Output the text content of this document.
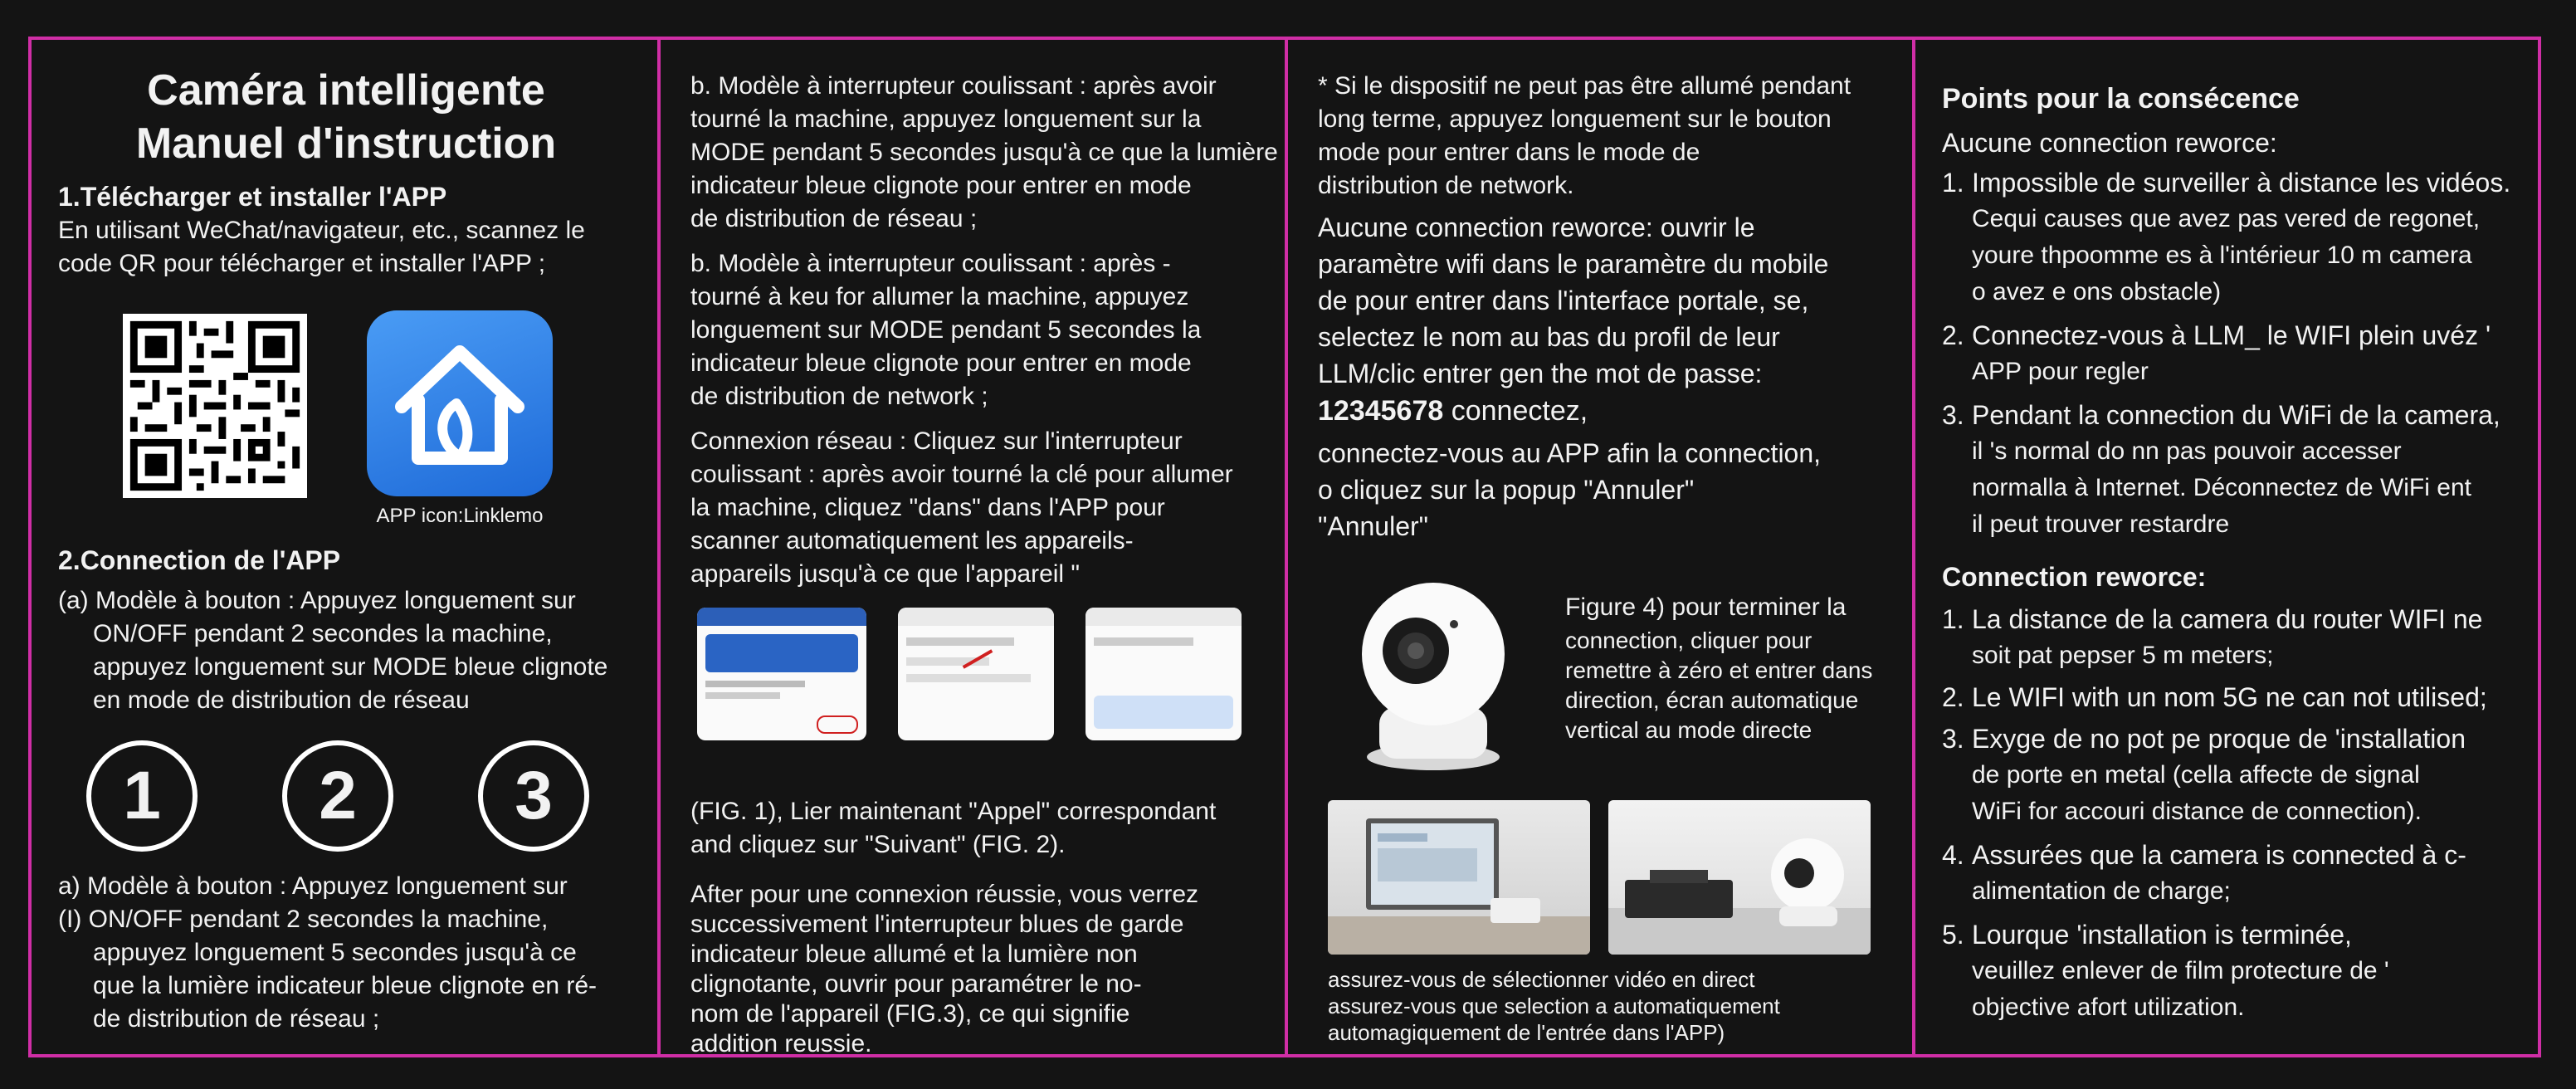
Caméra intelligente
Manuel d'instruction
1.Télécharger et installer l'APP
En utilisant WeChat/navigateur, etc., scannez le
code QR pour télécharger et installer l'APP ;
APP icon:Linklemo
2.Connection de l'APP
(a) Modèle à bouton : Appuyez longuement sur
ON/OFF pendant 2 secondes la machine,
appuyez longuement sur MODE bleue clignote
en mode de distribution de réseau
1	2	3
a) Modèle à bouton : Appuyez longuement sur
(I) ON/OFF pendant 2 secondes la machine,
appuyez longuement 5 secondes jusqu'à ce
que la lumière indicateur bleue clignote en ré-
de distribution de réseau ;
b. Modèle à interrupteur coulissant : après avoir
tourné la machine, appuyez longuement sur la
MODE pendant 5 secondes jusqu'à ce que la lumière
indicateur bleue clignote pour entrer en mode
de distribution de réseau ;
b. Modèle à interrupteur coulissant : après -
tourné à keu for allumer la machine, appuyez
longuement sur MODE pendant 5 secondes la
indicateur bleue clignote pour entrer en mode
de distribution de network ;
Connexion réseau : Cliquez sur l'interrupteur
coulissant : après avoir tourné la clé pour allumer
la machine, cliquez "dans" dans l'APP pour
scanner automatiquement les appareils-
appareils jusqu'à ce que l'appareil "
(FIG. 1), Lier maintenant "Appel" correspondant
and cliquez sur "Suivant" (FIG. 2).
After pour une connexion réussie, vous verrez
successivement l'interrupteur blues de garde
indicateur bleue allumé et la lumière non
clignotante, ouvrir pour paramétrer le no-
nom de l'appareil (FIG.3), ce qui signifie
addition reussie.
* Si le dispositif ne peut pas être allumé pendant
long terme, appuyez longuement sur le bouton
mode pour entrer dans le mode de
distribution de network.
Aucune connection reworce: ouvrir le
paramètre wifi dans le paramètre du mobile
de pour entrer dans l'interface portale, se,
selectez le nom au bas du profil de leur
LLM/clic entrer gen the mot de passe:
12345678 connectez,
connectez-vous au APP afin la connection,
o cliquez sur la popup "Annuler"
"Annuler"
Figure 4) pour terminer la
connection, cliquer pour
remettre à zéro et entrer dans
direction, écran automatique
vertical au mode directe
assurez-vous de sélectionner vidéo en direct
assurez-vous que selection a automatiquement
automagiquement de l'entrée dans l'APP)
Points pour la consécence
Aucune connection reworce:
1. Impossible de surveiller à distance les vidéos.
Cequi causes que avez pas vered de regonet,
youre thpoomme es à l'intérieur 10 m camera
o avez e ons obstacle)
2. Connectez-vous à LLM_ le WIFI plein uvéz '
APP pour regler
3. Pendant la connection du WiFi de la camera,
il 's normal do nn pas pouvoir accesser
normalla à Internet. Déconnectez de WiFi ent
il peut trouver restardre
Connection reworce:
1. La distance de la camera du router WIFI ne
soit pat pepser 5 m meters;
2. Le WIFI with un nom 5G ne can not utilised;
3. Exyge de no pot pe proque de 'installation
de porte en metal (cella affecte de signal
WiFi for accouri distance de connection).
4. Assurées que la camera is connected à c-
alimentation de charge;
5. Lourque 'installation is terminée,
veuillez enlever de film protecture de '
objective afort utilization.
